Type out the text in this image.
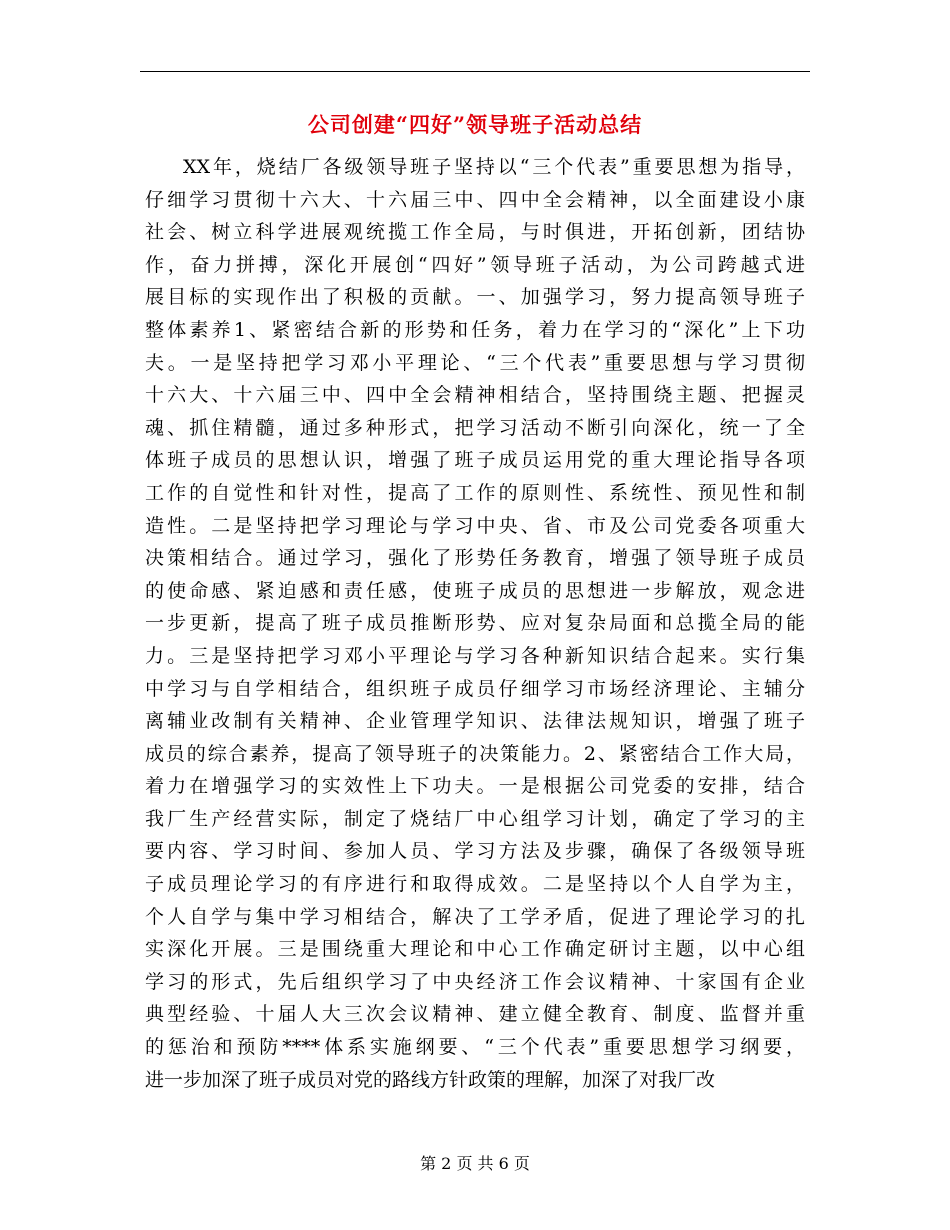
公司创建“四好”领导班子活动总结
XX年，烧结厂各级领导班子坚持以“三个代表”重要思想为指导，
仔细学习贯彻十六大、十六届三中、四中全会精神，以全面建设小康
社会、树立科学进展观统揽工作全局，与时俱进，开拓创新，团结协
作，奋力拼搏，深化开展创“四好”领导班子活动，为公司跨越式进
展目标的实现作出了积极的贡献。一、加强学习，努力提高领导班子
整体素养1、紧密结合新的形势和任务，着力在学习的“深化”上下功
夫。一是坚持把学习邓小平理论、“三个代表”重要思想与学习贯彻
十六大、十六届三中、四中全会精神相结合，坚持围绕主题、把握灵
魂、抓住精髓，通过多种形式，把学习活动不断引向深化，统一了全
体班子成员的思想认识，增强了班子成员运用党的重大理论指导各项
工作的自觉性和针对性，提高了工作的原则性、系统性、预见性和制
造性。二是坚持把学习理论与学习中央、省、市及公司党委各项重大
决策相结合。通过学习，强化了形势任务教育，增强了领导班子成员
的使命感、紧迫感和责任感，使班子成员的思想进一步解放，观念进
一步更新，提高了班子成员推断形势、应对复杂局面和总揽全局的能
力。三是坚持把学习邓小平理论与学习各种新知识结合起来。实行集
中学习与自学相结合，组织班子成员仔细学习市场经济理论、主辅分
离辅业改制有关精神、企业管理学知识、法律法规知识，增强了班子
成员的综合素养，提高了领导班子的决策能力。2、紧密结合工作大局，
着力在增强学习的实效性上下功夫。一是根据公司党委的安排，结合
我厂生产经营实际，制定了烧结厂中心组学习计划，确定了学习的主
要内容、学习时间、参加人员、学习方法及步骤，确保了各级领导班
子成员理论学习的有序进行和取得成效。二是坚持以个人自学为主，
个人自学与集中学习相结合，解决了工学矛盾，促进了理论学习的扎
实深化开展。三是围绕重大理论和中心工作确定研讨主题，以中心组
学习的形式，先后组织学习了中央经济工作会议精神、十家国有企业
典型经验、十届人大三次会议精神、建立健全教育、制度、监督并重
的惩治和预防****体系实施纲要、“三个代表”重要思想学习纲要，
进一步加深了班子成员对党的路线方针政策的理解，加深了对我厂改
第 2 页 共 6 页
